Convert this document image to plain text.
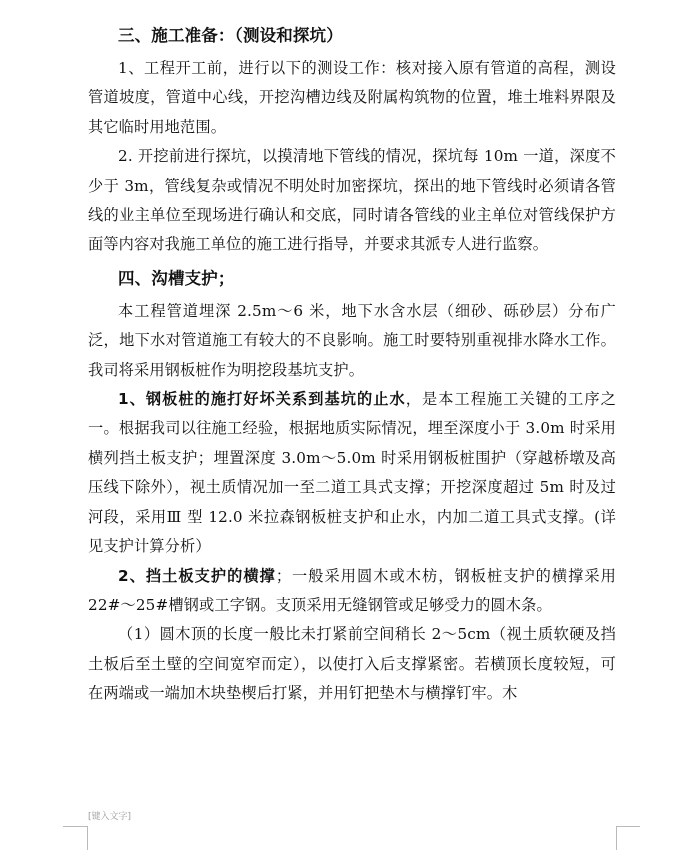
三、施工准备：（测设和探坑）

1、工程开工前，进行以下的测设工作：核对接入原有管道的高程，测设管道坡度，管道中心线，开挖沟槽边线及附属构筑物的位置，堆土堆料界限及其它临时用地范围。

2. 开挖前进行探坑，以摸清地下管线的情况，探坑每 10m 一道，深度不少于 3m，管线复杂或情况不明处时加密探坑，探出的地下管线时必须请各管线的业主单位至现场进行确认和交底，同时请各管线的业主单位对管线保护方面等内容对我施工单位的施工进行指导，并要求其派专人进行监察。

四、沟槽支护；

本工程管道埋深 2.5m～6 米，地下水含水层（细砂、砾砂层）分布广泛，地下水对管道施工有较大的不良影响。施工时要特别重视排水降水工作。我司将采用钢板桩作为明挖段基坑支护。

1、钢板桩的施打好坏关系到基坑的止水，是本工程施工关键的工序之一。根据我司以往施工经验，根据地质实际情况，埋至深度小于 3.0m 时采用横列挡土板支护；埋置深度 3.0m～5.0m 时采用钢板桩围护（穿越桥墩及高压线下除外），视土质情况加一至二道工具式支撑；开挖深度超过 5m 时及过河段，采用Ⅲ 型 12.0 米拉森钢板桩支护和止水，内加二道工具式支撑。(详见支护计算分析）

2、挡土板支护的横撑；一般采用圆木或木枋，钢板桩支护的横撑采用 22#～25#槽钢或工字钢。支顶采用无缝钢管或足够受力的圆木条。

（1）圆木顶的长度一般比未打紧前空间稍长 2～5cm（视土质软硬及挡土板后至土壁的空间宽窄而定），以使打入后支撑紧密。若横顶长度较短，可在两端或一端加木块垫楔后打紧，并用钉把垫木与横撑钉牢。木

[键入文字]
